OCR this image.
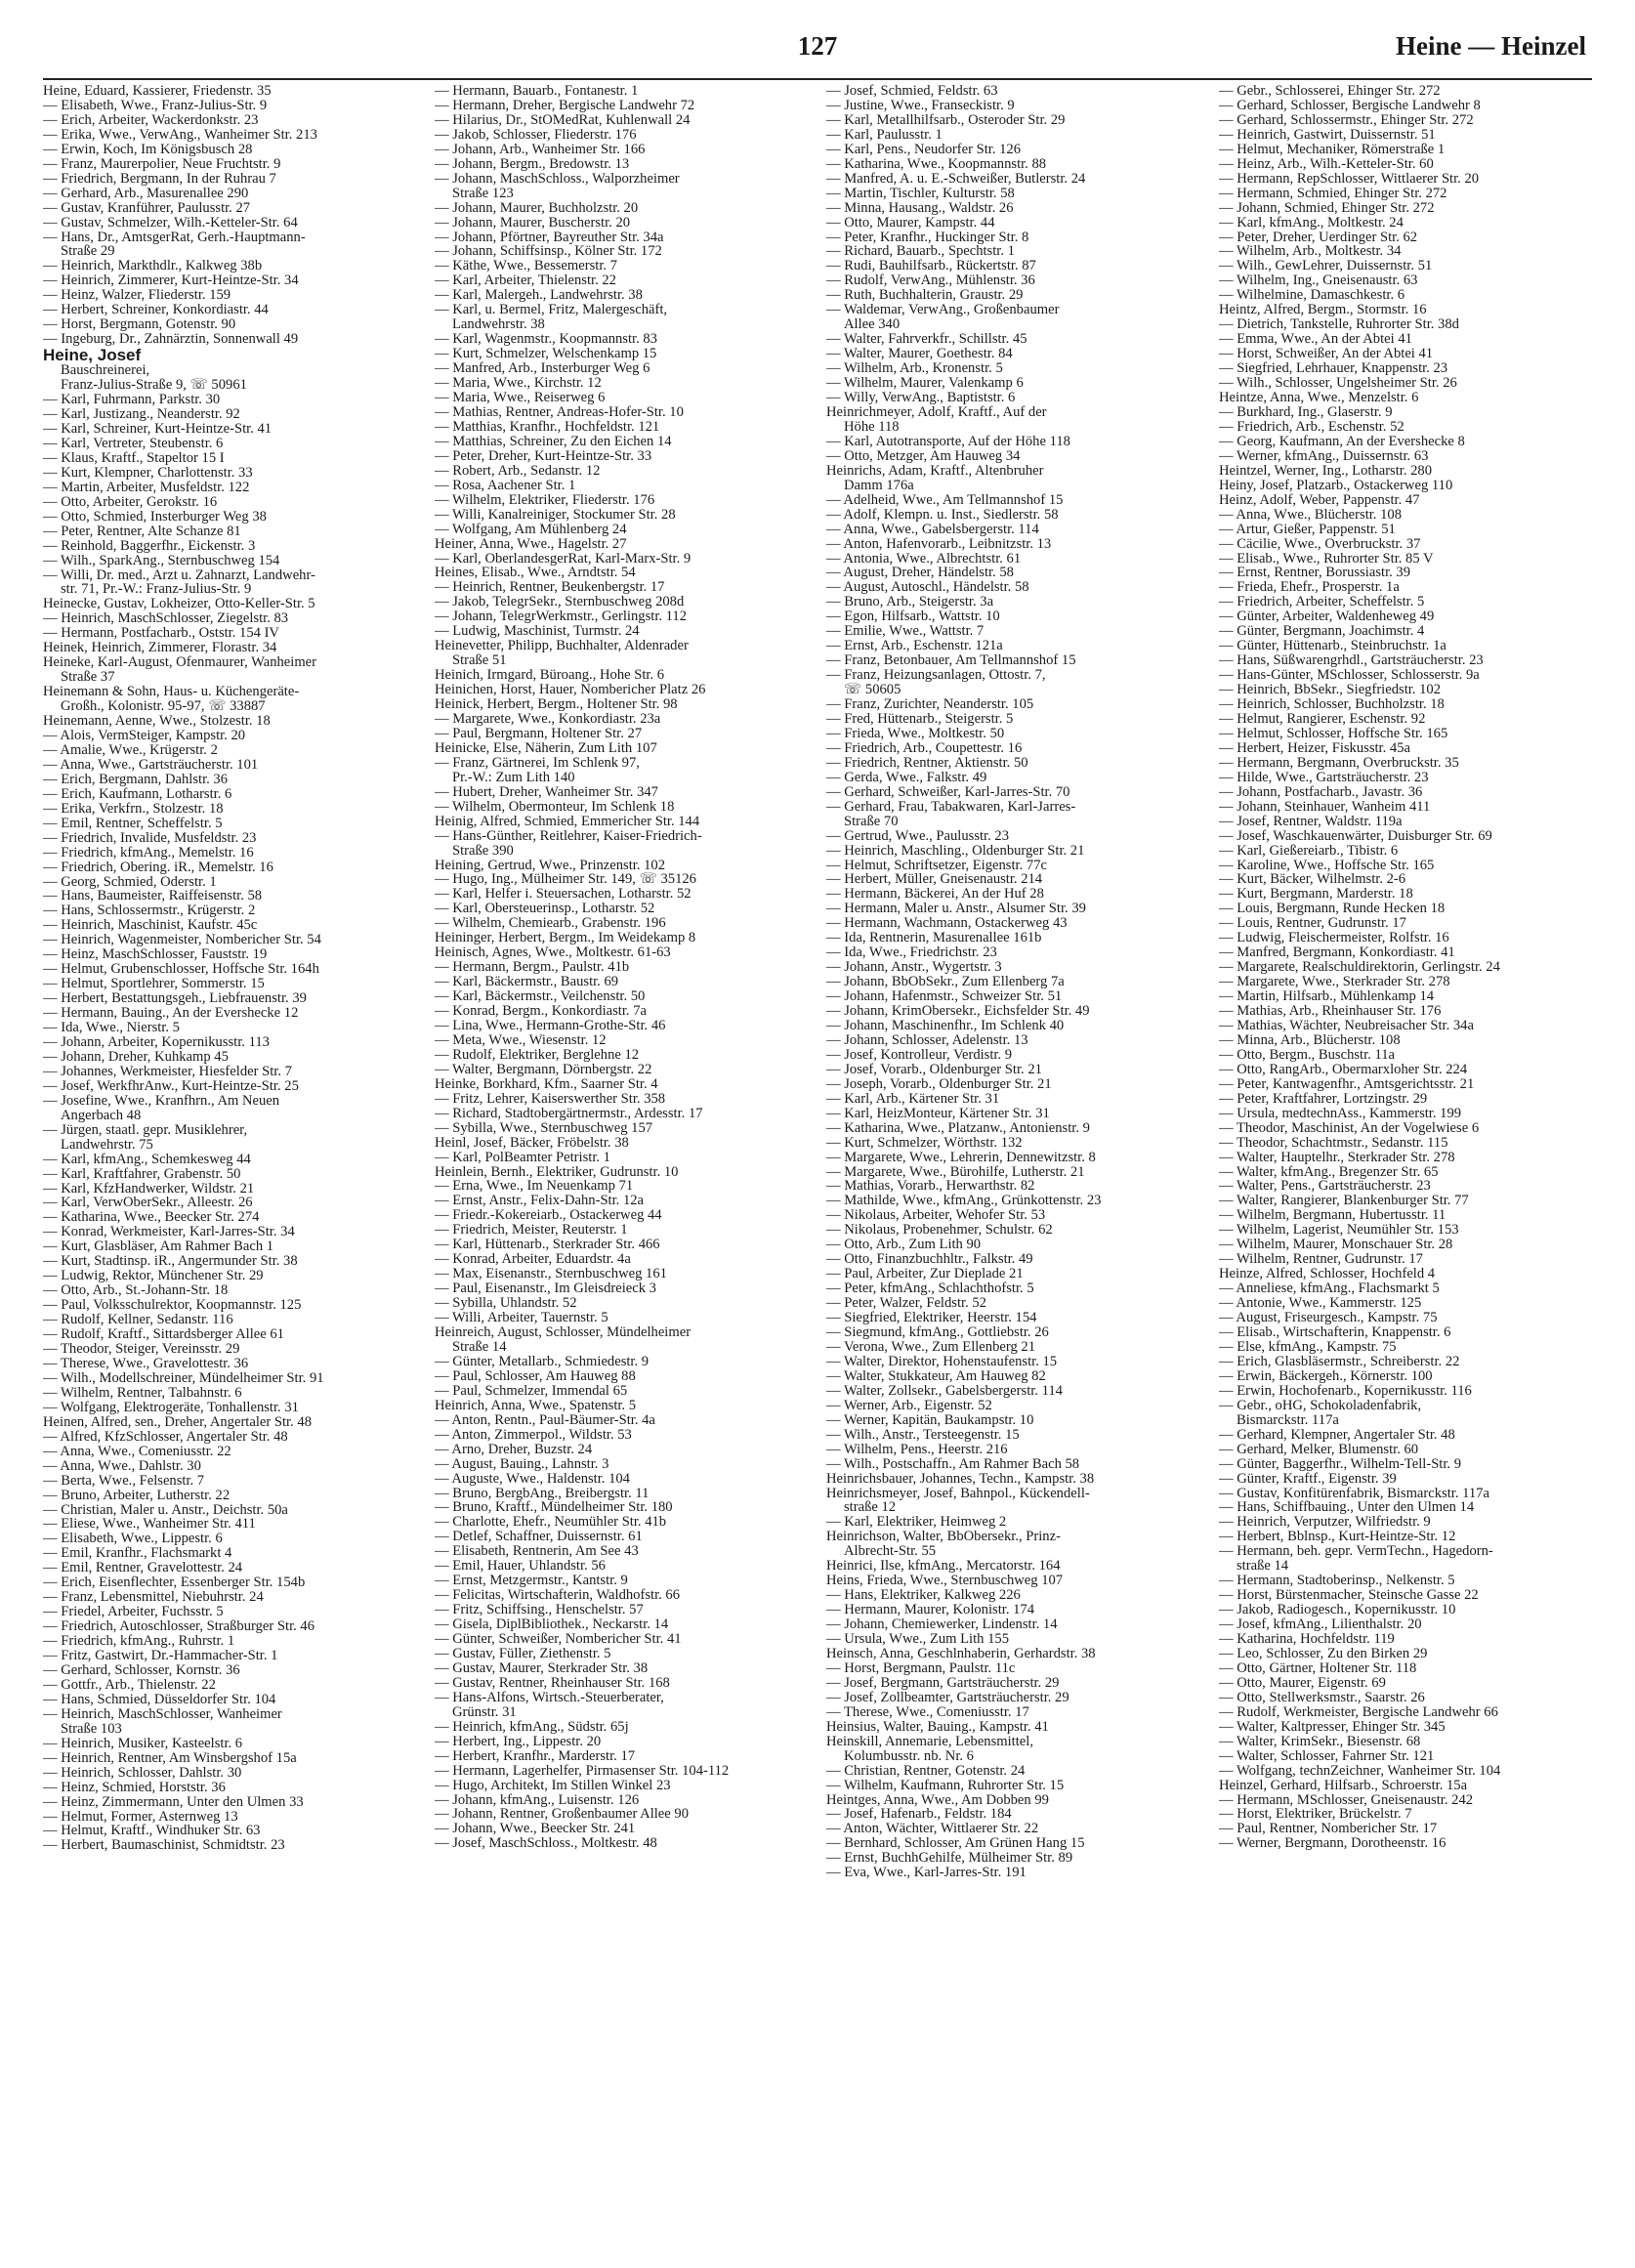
127	Heine — Heinzel
Heine, Eduard, Kassierer, Friedenstr. 35
— Elisabeth, Wwe., Franz-Julius-Str. 9
— Erich, Arbeiter, Wackerdonkstr. 23
— Erika, Wwe., VerwAng., Wanheimer Str. 213
— Erwin, Koch, Im Königsbusch 28
— Franz, Maurerpolier, Neue Fruchtstr. 9
— Friedrich, Bergmann, In der Ruhrau 7
— Gerhard, Arb., Masurenallee 290
— Gustav, Kranführer, Paulusstr. 27
— Gustav, Schmelzer, Wilh.-Ketteler-Str. 64
— Hans, Dr., AmtsgerRat, Gerh.-Hauptmann-
Straße 29
— Heinrich, Markthdlr., Kalkweg 38b
— Heinrich, Zimmerer, Kurt-Heintze-Str. 34
— Heinz, Walzer, Fliederstr. 159
— Herbert, Schreiner, Konkordiastr. 44
— Horst, Bergmann, Gotenstr. 90
— Ingeburg, Dr., Zahnärztin, Sonnenwall 49
Heine, Josef
Bauschreinerei,
Franz-Julius-Straße 9, ☏ 50961
— Karl, Fuhrmann, Parkstr. 30
— Karl, Justizang., Neanderstr. 92
— Karl, Schreiner, Kurt-Heintze-Str. 41
— Karl, Vertreter, Steubenstr. 6
— Klaus, Kraftf., Stapeltor 15 I
— Kurt, Klempner, Charlottenstr. 33
— Martin, Arbeiter, Musfeldstr. 122
— Otto, Arbeiter, Gerokstr. 16
— Otto, Schmied, Insterburger Weg 38
— Peter, Rentner, Alte Schanze 81
— Reinhold, Baggerfhr., Eickenstr. 3
— Wilh., SparkAng., Sternbuschweg 154
— Willi, Dr. med., Arzt u. Zahnarzt, Landwehr-
str. 71, Pr.-W.: Franz-Julius-Str. 9
Heinecke, Gustav, Lokheizer, Otto-Keller-Str. 5
— Heinrich, MaschSchlosser, Ziegelstr. 83
— Hermann, Postfacharb., Oststr. 154 IV
Heinek, Heinrich, Zimmerer, Florastr. 34
Heineke, Karl-August, Ofenmaurer, Wanheimer
Straße 37
Heinemann & Sohn, Haus- u. Küchengeräte-
Großh., Kolonistr. 95-97, ☏ 33887
Heinemann, Aenne, Wwe., Stolzestr. 18
— Alois, VermSteiger, Kampstr. 20
— Amalie, Wwe., Krügerstr. 2
— Anna, Wwe., Gartsträucherstr. 101
— Erich, Bergmann, Dahlstr. 36
— Erich, Kaufmann, Lotharstr. 6
— Erika, Verkfrn., Stolzestr. 18
— Emil, Rentner, Scheffelstr. 5
— Friedrich, Invalide, Musfeldstr. 23
— Friedrich, kfmAng., Memelstr. 16
— Friedrich, Obering. iR., Memelstr. 16
— Georg, Schmied, Oderstr. 1
— Hans, Baumeister, Raiffeisenstr. 58
— Hans, Schlossermstr., Krügerstr. 2
— Heinrich, Maschinist, Kaufstr. 45c
— Heinrich, Wagenmeister, Nombericher Str. 54
— Heinz, MaschSchlosser, Fauststr. 19
— Helmut, Grubenschlosser, Hoffsche Str. 164h
— Helmut, Sportlehrer, Sommerstr. 15
— Herbert, Bestattungsgeh., Liebfrauenstr. 39
— Hermann, Bauing., An der Evershecke 12
— Ida, Wwe., Nierstr. 5
— Johann, Arbeiter, Kopernikusstr. 113
— Johann, Dreher, Kuhkamp 45
— Johannes, Werkmeister, Hiesfelder Str. 7
— Josef, WerkfhrAnw., Kurt-Heintze-Str. 25
— Josefine, Wwe., Kranfhrn., Am Neuen
Angerbach 48
— Jürgen, staatl. gepr. Musiklehrer,
Landwehrstr. 75
— Karl, kfmAng., Schemkesweg 44
— Karl, Kraftfahrer, Grabenstr. 50
— Karl, KfzHandwerker, Wildstr. 21
— Karl, VerwOberSekr., Alleestr. 26
— Katharina, Wwe., Beecker Str. 274
— Konrad, Werkmeister, Karl-Jarres-Str. 34
— Kurt, Glasbläser, Am Rahmer Bach 1
— Kurt, Stadtinsp. iR., Angermunder Str. 38
— Ludwig, Rektor, Münchener Str. 29
— Otto, Arb., St.-Johann-Str. 18
— Paul, Volksschulrektor, Koopmannstr. 125
— Rudolf, Kellner, Sedanstr. 116
— Rudolf, Kraftf., Sittardsberger Allee 61
— Theodor, Steiger, Vereinsstr. 29
— Therese, Wwe., Gravelottestr. 36
— Wilh., Modellschreiner, Mündelheimer Str. 91
— Wilhelm, Rentner, Talbahnstr. 6
— Wolfgang, Elektrogeräte, Tonhallenstr. 31
Heinen, Alfred, sen., Dreher, Angertaler Str. 48
— Alfred, KfzSchlosser, Angertaler Str. 48
— Anna, Wwe., Comeniusstr. 22
— Anna, Wwe., Dahlstr. 30
— Berta, Wwe., Felsenstr. 7
— Bruno, Arbeiter, Lutherstr. 22
— Christian, Maler u. Anstr., Deichstr. 50a
— Eliese, Wwe., Wanheimer Str. 411
— Elisabeth, Wwe., Lippestr. 6
— Emil, Kranfhr., Flachsmarkt 4
— Emil, Rentner, Gravelottestr. 24
— Erich, Eisenflechter, Essenberger Str. 154b
— Franz, Lebensmittel, Niebuhrstr. 24
— Friedel, Arbeiter, Fuchsstr. 5
— Friedrich, Autoschlosser, Straßburger Str. 46
— Friedrich, kfmAng., Ruhrstr. 1
— Fritz, Gastwirt, Dr.-Hammacher-Str. 1
— Gerhard, Schlosser, Kornstr. 36
— Gottfr., Arb., Thielenstr. 22
— Hans, Schmied, Düsseldorfer Str. 104
— Heinrich, MaschSchlosser, Wanheimer
Straße 103
— Heinrich, Musiker, Kasteelstr. 6
— Heinrich, Rentner, Am Winsbergshof 15a
— Heinrich, Schlosser, Dahlstr. 30
— Heinz, Schmied, Horststr. 36
— Heinz, Zimmermann, Unter den Ulmen 33
— Helmut, Former, Asternweg 13
— Helmut, Kraftf., Windhuker Str. 63
— Herbert, Baumaschinist, Schmidtstr. 23
— Hermann, Bauarb., Fontanestr. 1
— Hermann, Dreher, Bergische Landwehr 72
— Hilarius, Dr., StOMedRat, Kuhlenwall 24
— Jakob, Schlosser, Fliederstr. 176
— Johann, Arb., Wanheimer Str. 166
— Johann, Bergm., Bredowstr. 13
— Johann, MaschSchloss., Walporzheimer
Straße 123
— Johann, Maurer, Buchholzstr. 20
— Johann, Maurer, Buscherstr. 20
— Johann, Pförtner, Bayreuther Str. 34a
— Johann, Schiffsinsp., Kölner Str. 172
— Käthe, Wwe., Bessemerstr. 7
— Karl, Arbeiter, Thielenstr. 22
— Karl, Malergeh., Landwehrstr. 38
— Karl, u. Bermel, Fritz, Malergeschäft,
Landwehrstr. 38
— Karl, Wagenmstr., Koopmannstr. 83
— Kurt, Schmelzer, Welschenkamp 15
— Manfred, Arb., Insterburger Weg 6
— Maria, Wwe., Kirchstr. 12
— Maria, Wwe., Reiserweg 6
— Mathias, Rentner, Andreas-Hofer-Str. 10
— Matthias, Kranfhr., Hochfeldstr. 121
— Matthias, Schreiner, Zu den Eichen 14
— Peter, Dreher, Kurt-Heintze-Str. 33
— Robert, Arb., Sedanstr. 12
— Rosa, Aachener Str. 1
— Wilhelm, Elektriker, Fliederstr. 176
— Willi, Kanalreiniger, Stockumer Str. 28
— Wolfgang, Am Mühlenberg 24
Heiner, Anna, Wwe., Hagelstr. 27
— Karl, OberlandesgerRat, Karl-Marx-Str. 9
Heines, Elisab., Wwe., Arndtstr. 54
— Heinrich, Rentner, Beukenbergstr. 17
— Jakob, TelegrSekr., Sternbuschweg 208d
— Johann, TelegrWerkmstr., Gerlingstr. 112
— Ludwig, Maschinist, Turmstr. 24
Heinevetter, Philipp, Buchhalter, Aldenrader
Straße 51
Heinich, Irmgard, Büroang., Hohe Str. 6
Heinichen, Horst, Hauer, Nombericher Platz 26
Heinick, Herbert, Bergm., Holtener Str. 98
— Margarete, Wwe., Konkordiastr. 23a
— Paul, Bergmann, Holtener Str. 27
Heinicke, Else, Näherin, Zum Lith 107
— Franz, Gärtnerei, Im Schlenk 97,
Pr.-W.: Zum Lith 140
— Hubert, Dreher, Wanheimer Str. 347
— Wilhelm, Obermonteur, Im Schlenk 18
Heinig, Alfred, Schmied, Emmericher Str. 144
— Hans-Günther, Reitlehrer, Kaiser-Friedrich-
Straße 390
Heining, Gertrud, Wwe., Prinzenstr. 102
— Hugo, Ing., Mülheimer Str. 149, ☏ 35126
— Karl, Helfer i. Steuersachen, Lotharstr. 52
— Karl, Obersteuerinsp., Lotharstr. 52
— Wilhelm, Chemiearb., Grabenstr. 196
Heininger, Herbert, Bergm., Im Weidekamp 8
Heinisch, Agnes, Wwe., Moltkestr. 61-63
— Hermann, Bergm., Paulstr. 41b
— Karl, Bäckermstr., Baustr. 69
— Karl, Bäckermstr., Veilchenstr. 50
— Konrad, Bergm., Konkordiastr. 7a
— Lina, Wwe., Hermann-Grothe-Str. 46
— Meta, Wwe., Wiesenstr. 12
— Rudolf, Elektriker, Berglehne 12
— Walter, Bergmann, Dörnbergstr. 22
Heinke, Borkhard, Kfm., Saarner Str. 4
— Fritz, Lehrer, Kaiserswerther Str. 358
— Richard, Stadtobergärtnermstr., Ardesstr. 17
— Sybilla, Wwe., Sternbuschweg 157
Heinl, Josef, Bäcker, Fröbelstr. 38
— Karl, PolBeamter Petristr. 1
Heinlein, Bernh., Elektriker, Gudrunstr. 10
— Erna, Wwe., Im Neuenkamp 71
— Ernst, Anstr., Felix-Dahn-Str. 12a
— Friedr.-Kokereiarb., Ostackerweg 44
— Friedrich, Meister, Reuterstr. 1
— Karl, Hüttenarb., Sterkrader Str. 466
— Konrad, Arbeiter, Eduardstr. 4a
— Max, Eisenanstr., Sternbuschweg 161
— Paul, Eisenanstr., Im Gleisdreieck 3
— Sybilla, Uhlandstr. 52
— Willi, Arbeiter, Tauernstr. 5
Heinreich, August, Schlosser, Mündelheimer
Straße 14
— Günter, Metallarb., Schmiedestr. 9
— Paul, Schlosser, Am Hauweg 88
— Paul, Schmelzer, Immendal 65
Heinrich, Anna, Wwe., Spatenstr. 5
— Anton, Rentn., Paul-Bäumer-Str. 4a
— Anton, Zimmerpol., Wildstr. 53
— Arno, Dreher, Buzstr. 24
— August, Bauing., Lahnstr. 3
— Auguste, Wwe., Haldenstr. 104
— Bruno, BergbAng., Breibergstr. 11
— Bruno, Kraftf., Mündelheimer Str. 180
— Charlotte, Ehefr., Neumühler Str. 41b
— Detlef, Schaffner, Duissernstr. 61
— Elisabeth, Rentnerin, Am See 43
— Emil, Hauer, Uhlandstr. 56
— Ernst, Metzgermstr., Kantstr. 9
— Felicitas, Wirtschafterin, Waldhofstr. 66
— Fritz, Schiffsing., Henschelstr. 57
— Gisela, DiplBibliothek., Neckarstr. 14
— Günter, Schweißer, Nombericher Str. 41
— Gustav, Füller, Ziethenstr. 5
— Gustav, Maurer, Sterkrader Str. 38
— Gustav, Rentner, Rheinhauser Str. 168
— Hans-Alfons, Wirtsch.-Steuerberater,
Grünstr. 31
— Heinrich, kfmAng., Südstr. 65j
— Herbert, Ing., Lippestr. 20
— Herbert, Kranfhr., Marderstr. 17
— Hermann, Lagerhelfer, Pirmasenser Str. 104-112
— Hugo, Architekt, Im Stillen Winkel 23
— Johann, kfmAng., Luisenstr. 126
— Johann, Rentner, Großenbaumer Allee 90
— Johann, Wwe., Beecker Str. 241
— Josef, MaschSchloss., Moltkestr. 48
— Josef, Schmied, Feldstr. 63
— Justine, Wwe., Franseckistr. 9
— Karl, Metallhilfsarb., Osteroder Str. 29
— Karl, Paulusstr. 1
— Karl, Pens., Neudorfer Str. 126
— Katharina, Wwe., Koopmannstr. 88
— Manfred, A. u. E.-Schweißer, Butlerstr. 24
— Martin, Tischler, Kulturstr. 58
— Minna, Hausang., Waldstr. 26
— Otto, Maurer, Kampstr. 44
— Peter, Kranfhr., Huckinger Str. 8
— Richard, Bauarb., Spechtstr. 1
— Rudi, Bauhilfsarb., Rückertstr. 87
— Rudolf, VerwAng., Mühlenstr. 36
— Ruth, Buchhalterin, Graustr. 29
— Waldemar, VerwAng., Großenbaumer
Allee 340
— Walter, Fahrverkfr., Schillstr. 45
— Walter, Maurer, Goethestr. 84
— Wilhelm, Arb., Kronenstr. 5
— Wilhelm, Maurer, Valenkamp 6
— Willy, VerwAng., Baptiststr. 6
Heinrichmeyer, Adolf, Kraftf., Auf der
Höhe 118
— Karl, Autotransporte, Auf der Höhe 118
— Otto, Metzger, Am Hauweg 34
Heinrichs, Adam, Kraftf., Altenbruher
Damm 176a
— Adelheid, Wwe., Am Tellmannshof 15
— Adolf, Klempn. u. Inst., Siedlerstr. 58
— Anna, Wwe., Gabelsbergerstr. 114
— Anton, Hafenvorarb., Leibnitzstr. 13
— Antonia, Wwe., Albrechtstr. 61
— August, Dreher, Händelstr. 58
— August, Autoschl., Händelstr. 58
— Bruno, Arb., Steigerstr. 3a
— Egon, Hilfsarb., Wattstr. 10
— Emilie, Wwe., Wattstr. 7
— Ernst, Arb., Eschenstr. 121a
— Franz, Betonbauer, Am Tellmannshof 15
— Franz, Heizungsanlagen, Ottostr. 7,
☏ 50605
— Franz, Zurichter, Neanderstr. 105
— Fred, Hüttenarb., Steigerstr. 5
— Frieda, Wwe., Moltkestr. 50
— Friedrich, Arb., Coupettestr. 16
— Friedrich, Rentner, Aktienstr. 50
— Gerda, Wwe., Falkstr. 49
— Gerhard, Schweißer, Karl-Jarres-Str. 70
— Gerhard, Frau, Tabakwaren, Karl-Jarres-
Straße 70
— Gertrud, Wwe., Paulusstr. 23
— Heinrich, Maschling., Oldenburger Str. 21
— Helmut, Schriftsetzer, Eigenstr. 77c
— Herbert, Müller, Gneisenaustr. 214
— Hermann, Bäckerei, An der Huf 28
— Hermann, Maler u. Anstr., Alsumer Str. 39
— Hermann, Wachmann, Ostackerweg 43
— Ida, Rentnerin, Masurenallee 161b
— Ida, Wwe., Friedrichstr. 23
— Johann, Anstr., Wygertstr. 3
— Johann, BbObSekr., Zum Ellenberg 7a
— Johann, Hafenmstr., Schweizer Str. 51
— Johann, KrimObersekr., Eichsfelder Str. 49
— Johann, Maschinenfhr., Im Schlenk 40
— Johann, Schlosser, Adelenstr. 13
— Josef, Kontrolleur, Verdistr. 9
— Josef, Vorarb., Oldenburger Str. 21
— Joseph, Vorarb., Oldenburger Str. 21
— Karl, Arb., Kärtener Str. 31
— Karl, HeizMonteur, Kärtener Str. 31
— Katharina, Wwe., Platzanw., Antonienstr. 9
— Kurt, Schmelzer, Wörthstr. 132
— Margarete, Wwe., Lehrerin, Dennewitzstr. 8
— Margarete, Wwe., Bürohilfe, Lutherstr. 21
— Mathias, Vorarb., Herwarthstr. 82
— Mathilde, Wwe., kfmAng., Grünkottenstr. 23
— Nikolaus, Arbeiter, Wehofer Str. 53
— Nikolaus, Probenehmer, Schulstr. 62
— Otto, Arb., Zum Lith 90
— Otto, Finanzbuchhltr., Falkstr. 49
— Paul, Arbeiter, Zur Dieplade 21
— Peter, kfmAng., Schlachthofstr. 5
— Peter, Walzer, Feldstr. 52
— Siegfried, Elektriker, Heerstr. 154
— Siegmund, kfmAng., Gottliebstr. 26
— Verona, Wwe., Zum Ellenberg 21
— Walter, Direktor, Hohenstaufenstr. 15
— Walter, Stukkateur, Am Hauweg 82
— Walter, Zollsekr., Gabelsbergerstr. 114
— Werner, Arb., Eigenstr. 52
— Werner, Kapitän, Baukampstr. 10
— Wilh., Anstr., Tersteegenstr. 15
— Wilhelm, Pens., Heerstr. 216
— Wilh., Postschaffn., Am Rahmer Bach 58
Heinrichsbauer, Johannes, Techn., Kampstr. 38
Heinrichsmeyer, Josef, Bahnpol., Kückendell-
straße 12
— Karl, Elektriker, Heimweg 2
Heinrichson, Walter, BbObersekr., Prinz-
Albrecht-Str. 55
Heinrici, Ilse, kfmAng., Mercatorstr. 164
Heins, Frieda, Wwe., Sternbuschweg 107
— Hans, Elektriker, Kalkweg 226
— Hermann, Maurer, Kolonistr. 174
— Johann, Chemiewerker, Lindenstr. 14
— Ursula, Wwe., Zum Lith 155
Heinsch, Anna, Geschlnhaberin, Gerhardstr. 38
— Horst, Bergmann, Paulstr. 11c
— Josef, Bergmann, Gartsträucherstr. 29
— Josef, Zollbeamter, Gartsträucherstr. 29
— Therese, Wwe., Comeniusstr. 17
Heinsius, Walter, Bauing., Kampstr. 41
Heinskill, Annemarie, Lebensmittel,
Kolumbusstr. nb. Nr. 6
— Christian, Rentner, Gotenstr. 24
— Wilhelm, Kaufmann, Ruhrorter Str. 15
Heintges, Anna, Wwe., Am Dobben 99
— Josef, Hafenarb., Feldstr. 184
— Anton, Wächter, Wittlaerer Str. 22
— Bernhard, Schlosser, Am Grünen Hang 15
— Ernst, BuchhGehilfe, Mülheimer Str. 89
— Eva, Wwe., Karl-Jarres-Str. 191
— Gebr., Schlosserei, Ehinger Str. 272
— Gerhard, Schlosser, Bergische Landwehr 8
— Gerhard, Schlossermstr., Ehinger Str. 272
— Heinrich, Gastwirt, Duissernstr. 51
— Helmut, Mechaniker, Römerstraße 1
— Heinz, Arb., Wilh.-Ketteler-Str. 60
— Hermann, RepSchlosser, Wittlaerer Str. 20
— Hermann, Schmied, Ehinger Str. 272
— Johann, Schmied, Ehinger Str. 272
— Karl, kfmAng., Moltkestr. 24
— Peter, Dreher, Uerdinger Str. 62
— Wilhelm, Arb., Moltkestr. 34
— Wilh., GewLehrer, Duissernstr. 51
— Wilhelm, Ing., Gneisenaustr. 63
— Wilhelmine, Damaschkestr. 6
Heintz, Alfred, Bergm., Stormstr. 16
— Dietrich, Tankstelle, Ruhrorter Str. 38d
— Emma, Wwe., An der Abtei 41
— Horst, Schweißer, An der Abtei 41
— Siegfried, Lehrhauer, Knappenstr. 23
— Wilh., Schlosser, Ungelsheimer Str. 26
Heintze, Anna, Wwe., Menzelstr. 6
— Burkhard, Ing., Glaserstr. 9
— Friedrich, Arb., Eschenstr. 52
— Georg, Kaufmann, An der Evershecke 8
— Werner, kfmAng., Duissernstr. 63
Heintzel, Werner, Ing., Lotharstr. 280
Heiny, Josef, Platzarb., Ostackerweg 110
Heinz, Adolf, Weber, Pappenstr. 47
— Anna, Wwe., Blücherstr. 108
— Artur, Gießer, Pappenstr. 51
— Cäcilie, Wwe., Overbruckstr. 37
— Elisab., Wwe., Ruhrorter Str. 85 V
— Ernst, Rentner, Borussiastr. 39
— Frieda, Ehefr., Prosperstr. 1a
— Friedrich, Arbeiter, Scheffelstr. 5
— Günter, Arbeiter, Waldenheweg 49
— Günter, Bergmann, Joachimstr. 4
— Günter, Hüttenarb., Steinbruchstr. 1a
— Hans, Süßwarengrhdl., Gartsträucherstr. 23
— Hans-Günter, MSchlosser, Schlosserstr. 9a
— Heinrich, BbSekr., Siegfriedstr. 102
— Heinrich, Schlosser, Buchholzstr. 18
— Helmut, Rangierer, Eschenstr. 92
— Helmut, Schlosser, Hoffsche Str. 165
— Herbert, Heizer, Fiskusstr. 45a
— Hermann, Bergmann, Overbruckstr. 35
— Hilde, Wwe., Gartsträucherstr. 23
— Johann, Postfacharb., Javastr. 36
— Johann, Steinhauer, Wanheim 411
— Josef, Rentner, Waldstr. 119a
— Josef, Waschkauenwärter, Duisburger Str. 69
— Karl, Gießereiarb., Tibistr. 6
— Karoline, Wwe., Hoffsche Str. 165
— Kurt, Bäcker, Wilhelmstr. 2-6
— Kurt, Bergmann, Marderstr. 18
— Louis, Bergmann, Runde Hecken 18
— Louis, Rentner, Gudrunstr. 17
— Ludwig, Fleischermeister, Rolfstr. 16
— Manfred, Bergmann, Konkordiastr. 41
— Margarete, Realschuldirektorin, Gerlingstr. 24
— Margarete, Wwe., Sterkrader Str. 278
— Martin, Hilfsarb., Mühlenkamp 14
— Mathias, Arb., Rheinhauser Str. 176
— Mathias, Wächter, Neubreisacher Str. 34a
— Minna, Arb., Blücherstr. 108
— Otto, Bergm., Buschstr. 11a
— Otto, RangArb., Obermarxloher Str. 224
— Peter, Kantwagenfhr., Amtsgerichtsstr. 21
— Peter, Kraftfahrer, Lortzingstr. 29
— Ursula, medtechnAss., Kammerstr. 199
— Theodor, Maschinist, An der Vogelwiese 6
— Theodor, Schachtmstr., Sedanstr. 115
— Walter, Hauptelhr., Sterkrader Str. 278
— Walter, kfmAng., Bregenzer Str. 65
— Walter, Pens., Gartsträucherstr. 23
— Walter, Rangierer, Blankenburger Str. 77
— Wilhelm, Bergmann, Hubertusstr. 11
— Wilhelm, Lagerist, Neumühler Str. 153
— Wilhelm, Maurer, Monschauer Str. 28
— Wilhelm, Rentner, Gudrunstr. 17
Heinze, Alfred, Schlosser, Hochfeld 4
— Anneliese, kfmAng., Flachsmarkt 5
— Antonie, Wwe., Kammerstr. 125
— August, Friseurgesch., Kampstr. 75
— Elisab., Wirtschafterin, Knappenstr. 6
— Else, kfmAng., Kampstr. 75
— Erich, Glasbläsermstr., Schreiberstr. 22
— Erwin, Bäckergeh., Körnerstr. 100
— Erwin, Hochofenarb., Kopernikusstr. 116
— Gebr., oHG, Schokoladenfabrik,
Bismarckstr. 117a
— Gerhard, Klempner, Angertaler Str. 48
— Gerhard, Melker, Blumenstr. 60
— Günter, Baggerfhr., Wilhelm-Tell-Str. 9
— Günter, Kraftf., Eigenstr. 39
— Gustav, Konfitürenfabrik, Bismarckstr. 117a
— Hans, Schiffbauing., Unter den Ulmen 14
— Heinrich, Verputzer, Wilfriedstr. 9
— Herbert, Bblnsp., Kurt-Heintze-Str. 12
— Hermann, beh. gepr. VermTechn., Hagedorn-
straße 14
— Hermann, Stadtoberinsp., Nelkenstr. 5
— Horst, Bürstenmacher, Steinsche Gasse 22
— Jakob, Radiogesch., Kopernikusstr. 10
— Josef, kfmAng., Lilienthalstr. 20
— Katharina, Hochfeldstr. 119
— Leo, Schlosser, Zu den Birken 29
— Otto, Gärtner, Holtener Str. 118
— Otto, Maurer, Eigenstr. 69
— Otto, Stellwerksmstr., Saarstr. 26
— Rudolf, Werkmeister, Bergische Landwehr 66
— Walter, Kaltpresser, Ehinger Str. 345
— Walter, KrimSekr., Biesenstr. 68
— Walter, Schlosser, Fahrner Str. 121
— Wolfgang, technZeichner, Wanheimer Str. 104
Heinzel, Gerhard, Hilfsarb., Schroerstr. 15a
— Hermann, MSchlosser, Gneisenaustr. 242
— Horst, Elektriker, Brückelstr. 7
— Paul, Rentner, Nombericher Str. 17
— Werner, Bergmann, Dorotheenstr. 16
